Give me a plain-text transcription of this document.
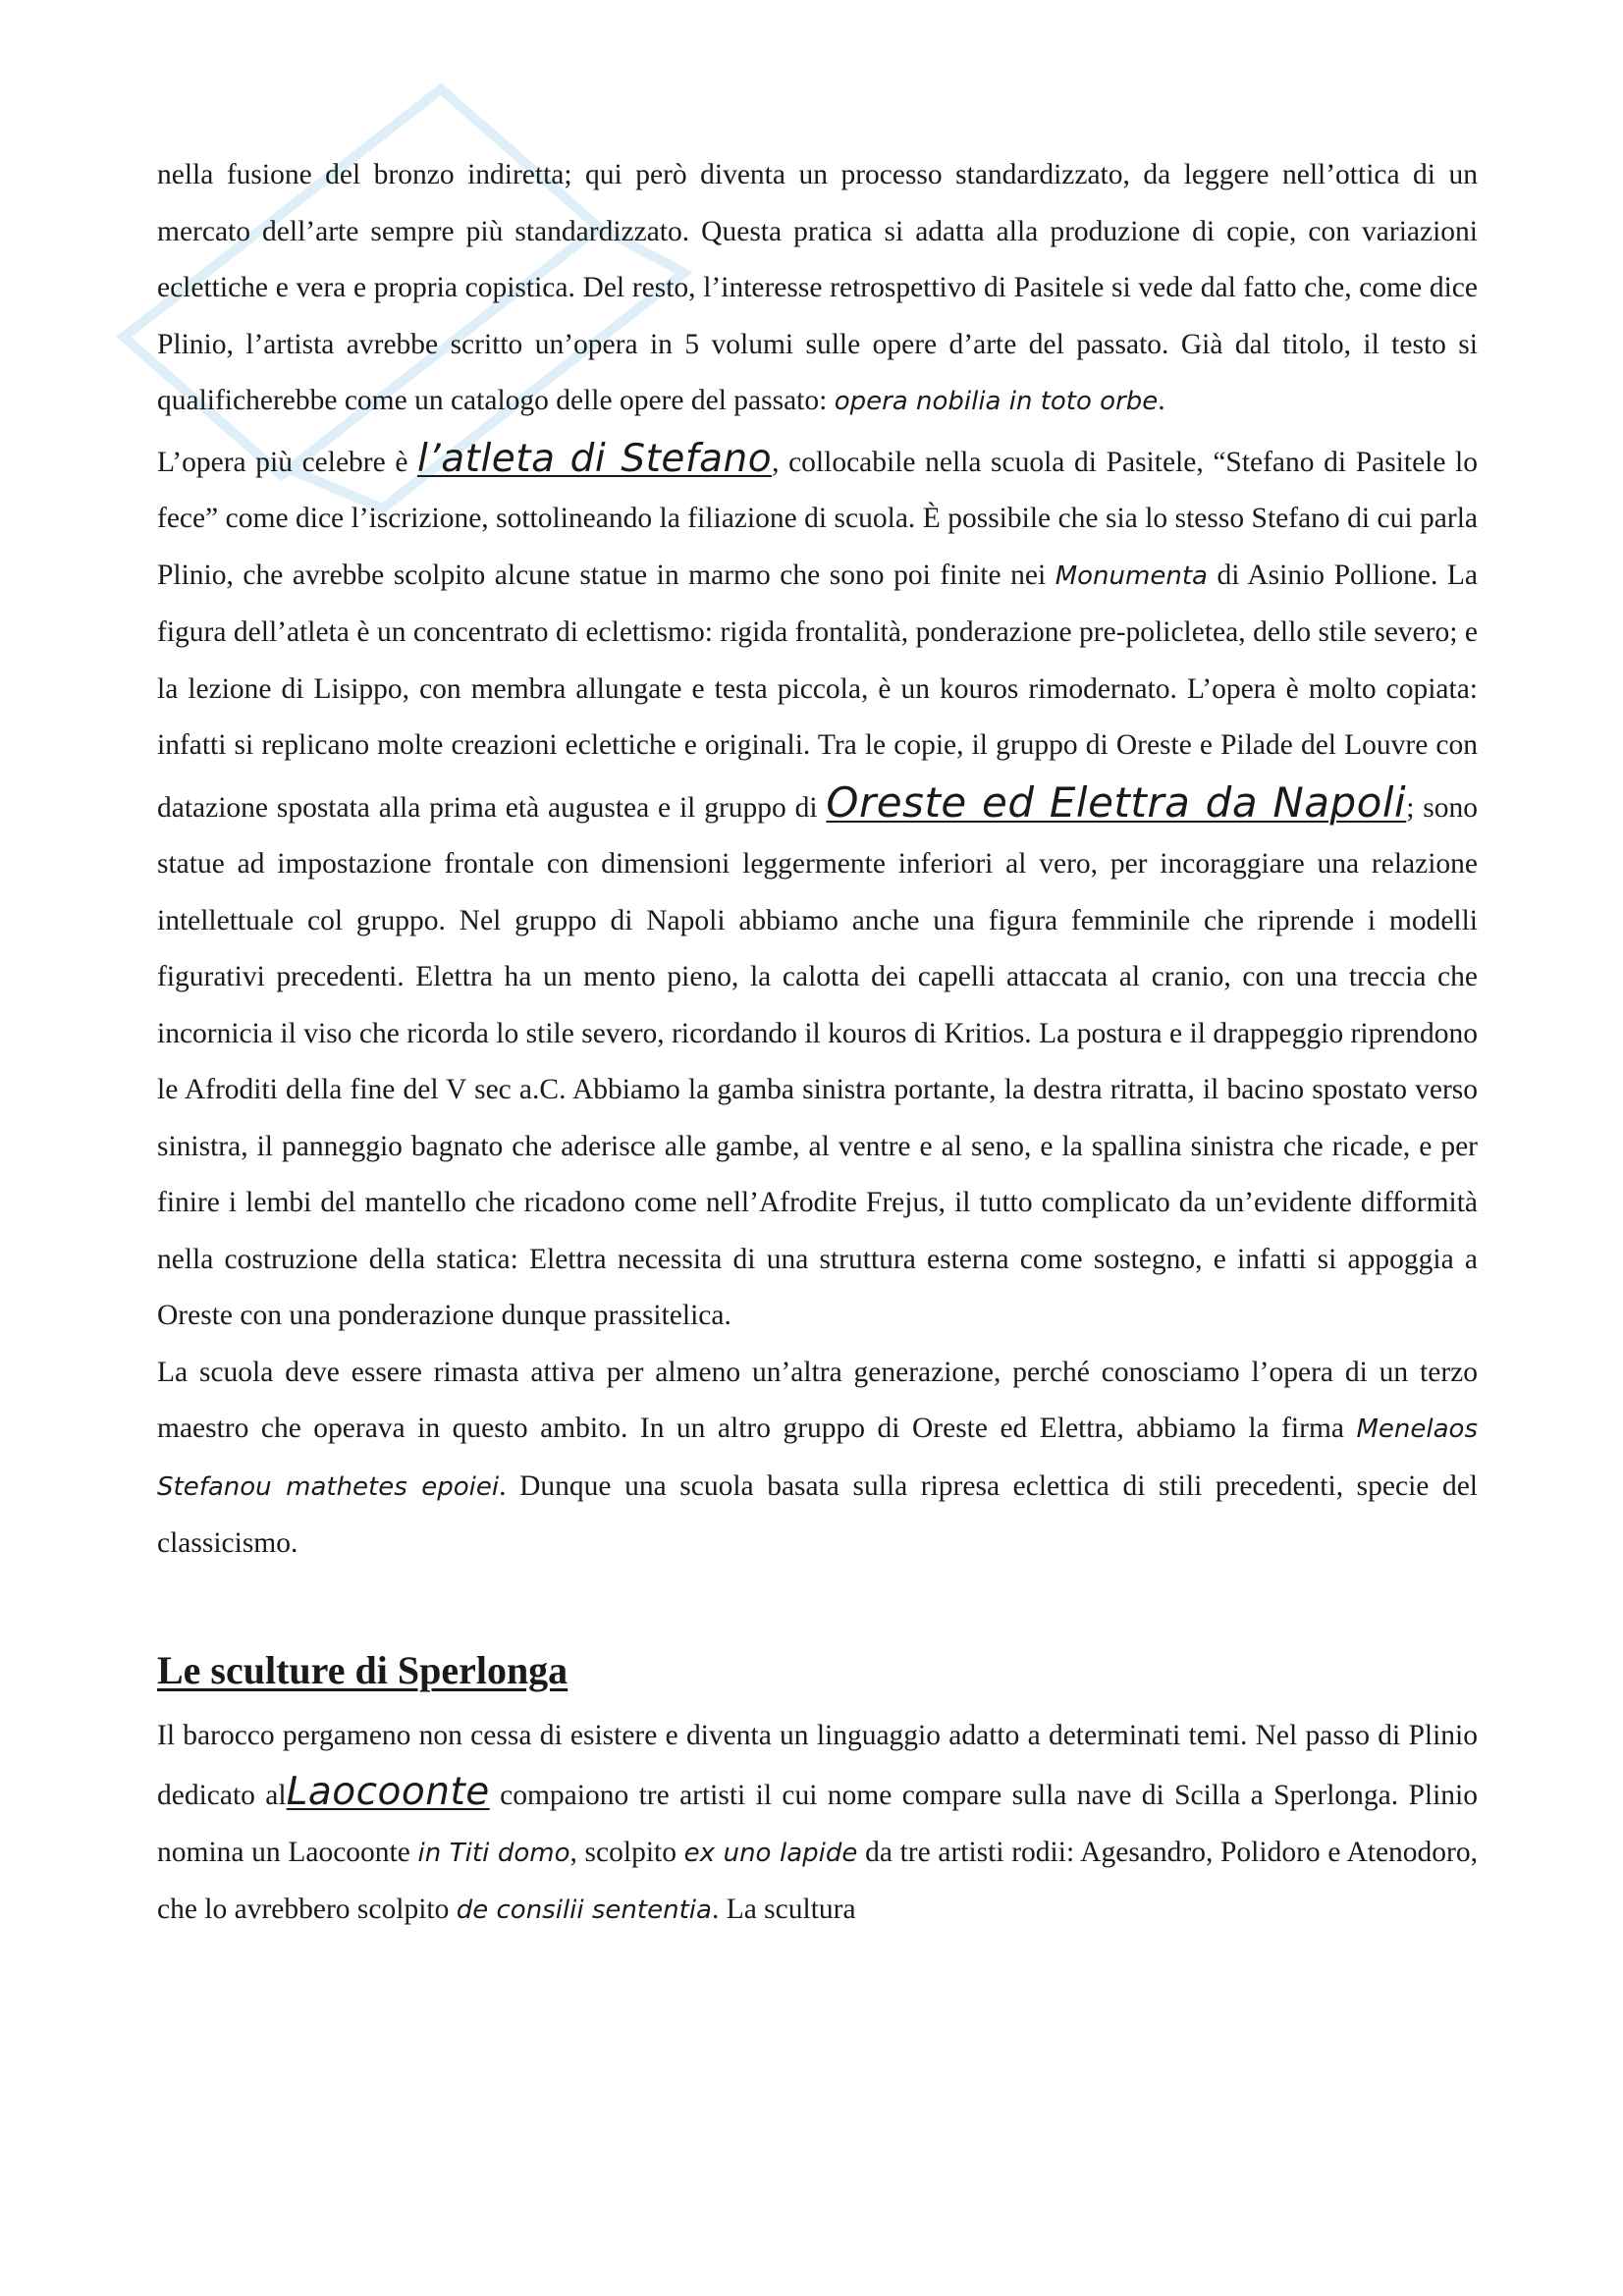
nella fusione del bronzo indiretta; qui però diventa un processo standardizzato, da leggere nell’ottica di un mercato dell’arte sempre più standardizzato. Questa pratica si adatta alla produzione di copie, con variazioni eclettiche e vera e propria copistica. Del resto, l’interesse retrospettivo di Pasitele si vede dal fatto che, come dice Plinio, l’artista avrebbe scritto un’opera in 5 volumi sulle opere d’arte del passato. Già dal titolo, il testo si qualificherebbe come un catalogo delle opere del passato: opera nobilia in toto orbe.

L’opera più celebre è l’atleta di Stefano, collocabile nella scuola di Pasitele, “Stefano di Pasitele lo fece” come dice l’iscrizione, sottolineando la filiazione di scuola. È possibile che sia lo stesso Stefano di cui parla Plinio, che avrebbe scolpito alcune statue in marmo che sono poi finite nei Monumenta di Asinio Pollione. La figura dell’atleta è un concentrato di eclettismo: rigida frontalità, ponderazione pre-policletea, dello stile severo; e la lezione di Lisippo, con membra allungate e testa piccola, è un kouros rimodernato. L’opera è molto copiata: infatti si replicano molte creazioni eclettiche e originali. Tra le copie, il gruppo di Oreste e Pilade del Louvre con datazione spostata alla prima età augustea e il gruppo di Oreste ed Elettra da Napoli; sono statue ad impostazione frontale con dimensioni leggermente inferiori al vero, per incoraggiare una relazione intellettuale col gruppo. Nel gruppo di Napoli abbiamo anche una figura femminile che riprende i modelli figurativi precedenti. Elettra ha un mento pieno, la calotta dei capelli attaccata al cranio, con una treccia che incornicia il viso che ricorda lo stile severo, ricordando il kouros di Kritios. La postura e il drappeggio riprendono le Afroditi della fine del V sec a.C. Abbiamo la gamba sinistra portante, la destra ritratta, il bacino spostato verso sinistra, il panneggio bagnato che aderisce alle gambe, al ventre e al seno, e la spallina sinistra che ricade, e per finire i lembi del mantello che ricadono come nell’Afrodite Frejus, il tutto complicato da un’evidente difformità nella costruzione della statica: Elettra necessita di una struttura esterna come sostegno, e infatti si appoggia a Oreste con una ponderazione dunque prassitelica.

La scuola deve essere rimasta attiva per almeno un’altra generazione, perché conosciamo l’opera di un terzo maestro che operava in questo ambito. In un altro gruppo di Oreste ed Elettra, abbiamo la firma Menelaos Stefanou mathetes epoiei. Dunque una scuola basata sulla ripresa eclettica di stili precedenti, specie del classicismo.

Le sculture di Sperlonga

Il barocco pergameno non cessa di esistere e diventa un linguaggio adatto a determinati temi. Nel passo di Plinio dedicato alLaocoonte compaiono tre artisti il cui nome compare sulla nave di Scilla a Sperlonga. Plinio nomina un Laocoonte in Titi domo, scolpito ex uno lapide da tre artisti rodii: Agesandro, Polidoro e Atenodoro, che lo avrebbero scolpito de consilii sententia. La scultura
